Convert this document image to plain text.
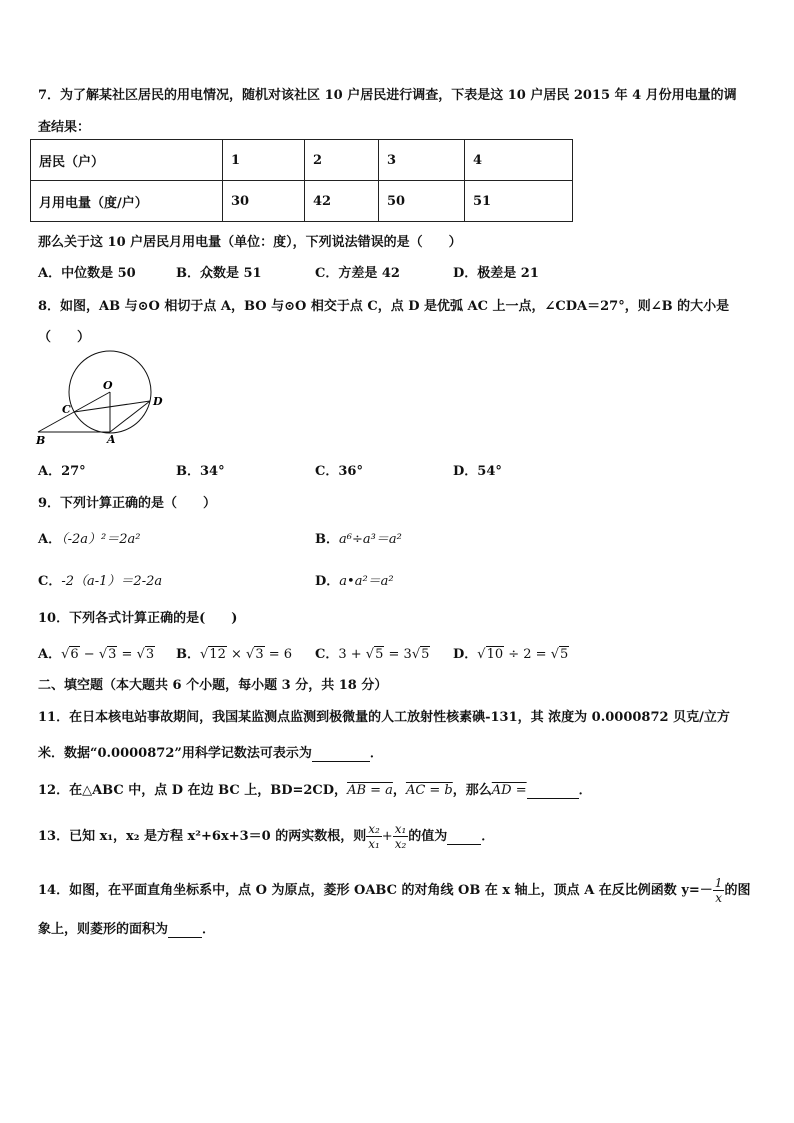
7．为了解某社区居民的用电情况，随机对该社区 10 户居民进行调查，下表是这 10 户居民 2015 年 4 月份用电量的调
查结果：
居民（户）	1	2	3	4
月用电量（度/户）	30	42	50	51
那么关于这 10 户居民月用电量（单位：度），下列说法错误的是（　　）
A．中位数是 50	B．众数是 51	C．方差是 42	D．极差是 21
8．如图，AB 与⊙O 相切于点 A，BO 与⊙O 相交于点 C，点 D 是优弧 AC 上一点，∠CDA＝27°，则∠B 的大小是
（　　）
O
C
D
B	A
A．27°	B．34°	C．36°	D．54°
9．下列计算正确的是（　　）
A．（-2a）²＝2a²	B．a⁶÷a³＝a²
C．-2（a-1）＝2-2a	D．a•a²＝a²
10．下列各式计算正确的是(　　)
A．√6 − √3 = √3 B．√12 × √3 = 6 C．3 + √5 = 3√5 D．√10 ÷ 2 = √5
二、填空题（本大题共 6 个小题，每小题 3 分，共 18 分）
11．在日本核电站事故期间，我国某监测点监测到极微量的人工放射性核素碘-131，其 浓度为 0.0000872 贝克/立方
米．数据“0.0000872”用科学记数法可表示为	．
12．在△ABC 中，点 D 在边 BC 上，BD=2CD，AB = a，AC = b，那么AD =	．
13．已知 x₁，x₂ 是方程 x²+6x+3＝0 的两实数根，则 $\frac{\text{x₂}}{\text{x₁}} + \frac{\text{x₁}}{\text{x₂}}$ 的值为	．
14．如图，在平面直角坐标系中，点 O 为原点，菱形 OABC 的对角线 OB 在 x 轴上，顶点 A 在反比例函数 $y=- \frac{1}{x}$ 的图
象上，则菱形的面积为	．
